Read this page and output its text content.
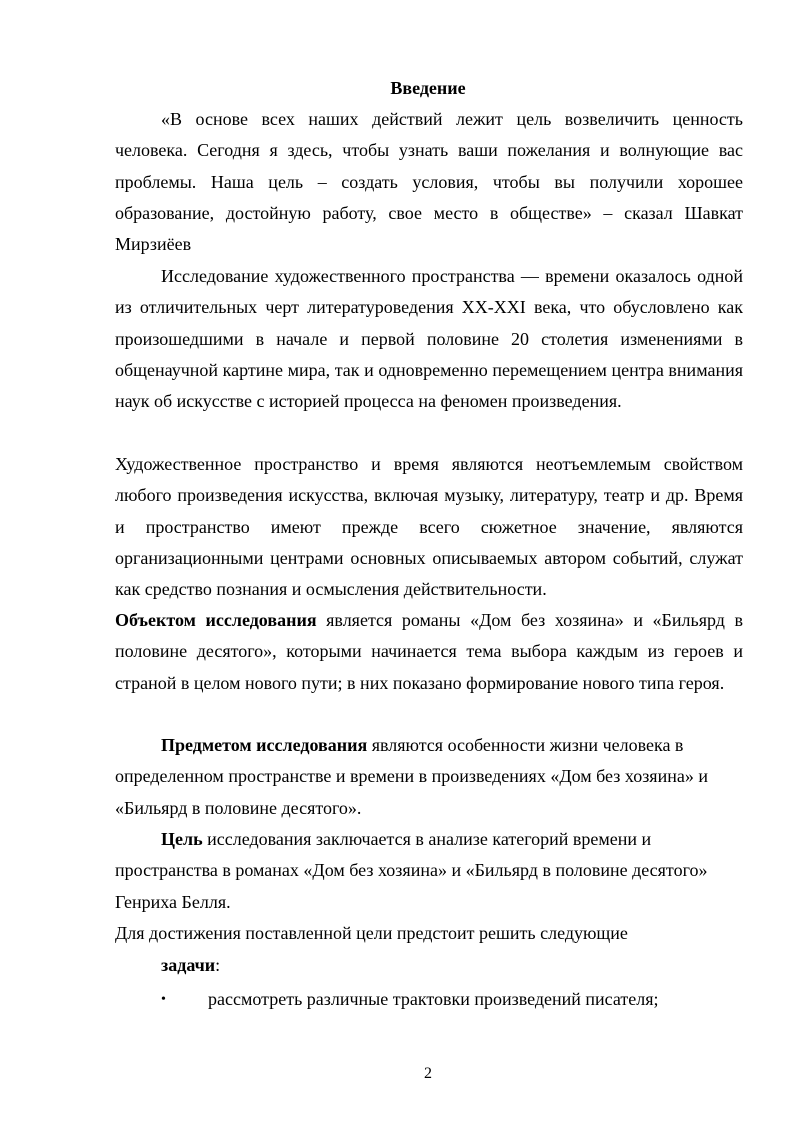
Введение
«В основе всех наших действий лежит цель возвеличить ценность человека. Сегодня я здесь, чтобы узнать ваши пожелания и волнующие вас проблемы. Наша цель – создать условия, чтобы вы получили хорошее образование, достойную работу, свое место в обществе» – сказал Шавкат Мирзиёев
Исследование художественного пространства — времени оказалось одной из отличительных черт литературоведения XX-XXI века, что обусловлено как произошедшими в начале и первой половине 20 столетия изменениями в общенаучной картине мира, так и одновременно перемещением центра внимания наук об искусстве с историей процесса на феномен произведения.
Художественное пространство и время являются неотъемлемым свойством любого произведения искусства, включая музыку, литературу, театр и др. Время и пространство имеют прежде всего сюжетное значение, являются организационными центрами основных описываемых автором событий, служат как средство познания и осмысления действительности.
Объектом исследования является романы «Дом без хозяина» и «Бильярд в половине десятого», которыми начинается тема выбора каждым из героев и страной в целом нового пути; в них показано формирование нового типа героя.
Предметом исследования являются особенности жизни человека в определенном пространстве и времени в произведениях «Дом без хозяина» и «Бильярд в половине десятого».
Цель исследования заключается в анализе категорий времени и пространства в романах «Дом без хозяина» и «Бильярд в половине десятого» Генриха Белля.
Для достижения поставленной цели предстоит решить следующие
задачи:
• рассмотреть различные трактовки произведений писателя;
2
